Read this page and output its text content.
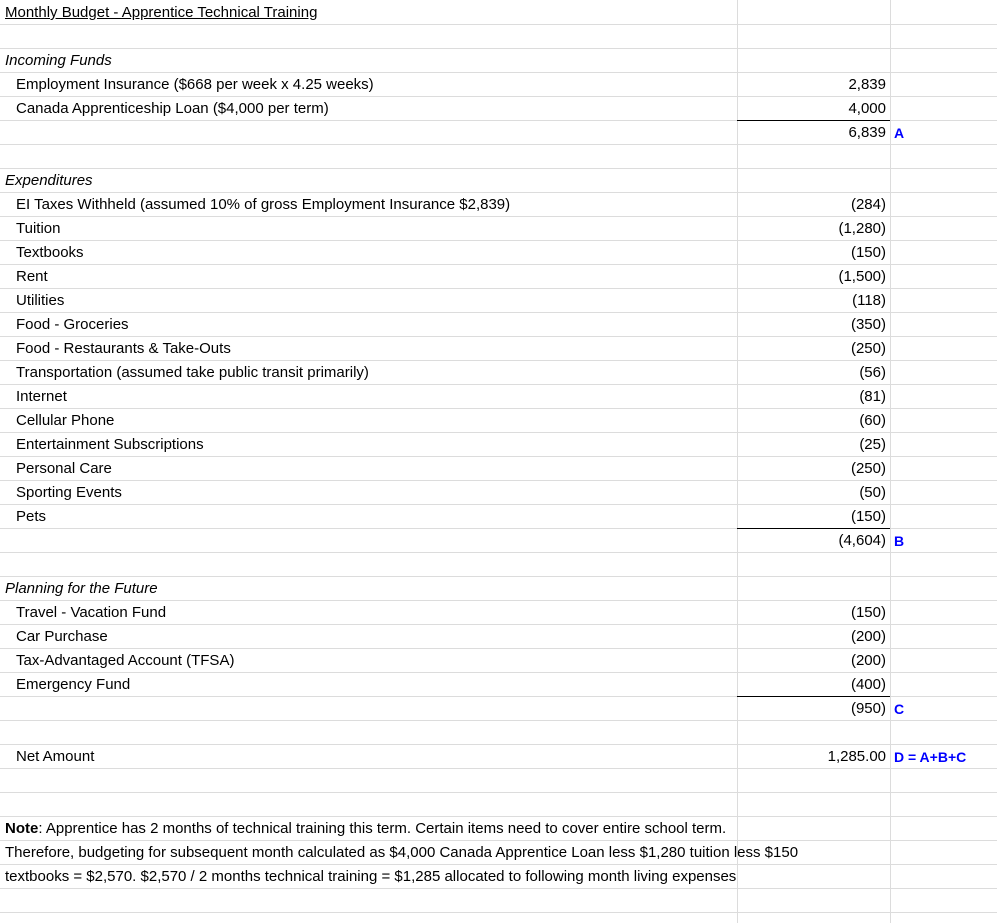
Monthly Budget - Apprentice Technical Training
Incoming Funds
Employment Insurance ($668 per week x 4.25 weeks)	2,839
Canada Apprenticeship Loan ($4,000 per term)	4,000
6,839 A
Expenditures
EI Taxes Withheld (assumed 10% of gross Employment Insurance $2,839)	(284)
Tuition	(1,280)
Textbooks	(150)
Rent	(1,500)
Utilities	(118)
Food - Groceries	(350)
Food - Restaurants & Take-Outs	(250)
Transportation (assumed take public transit primarily)	(56)
Internet	(81)
Cellular Phone	(60)
Entertainment Subscriptions	(25)
Personal Care	(250)
Sporting Events	(50)
Pets	(150)
(4,604) B
Planning for the Future
Travel - Vacation Fund	(150)
Car Purchase	(200)
Tax-Advantaged Account (TFSA)	(200)
Emergency Fund	(400)
(950) C
Net Amount	1,285.00 D = A+B+C
Note: Apprentice has 2 months of technical training this term. Certain items need to cover entire school term.
Therefore, budgeting for subsequent month calculated as $4,000 Canada Apprentice Loan less $1,280 tuition less $150
textbooks = $2,570. $2,570 / 2 months technical training = $1,285 allocated to following month living expenses
